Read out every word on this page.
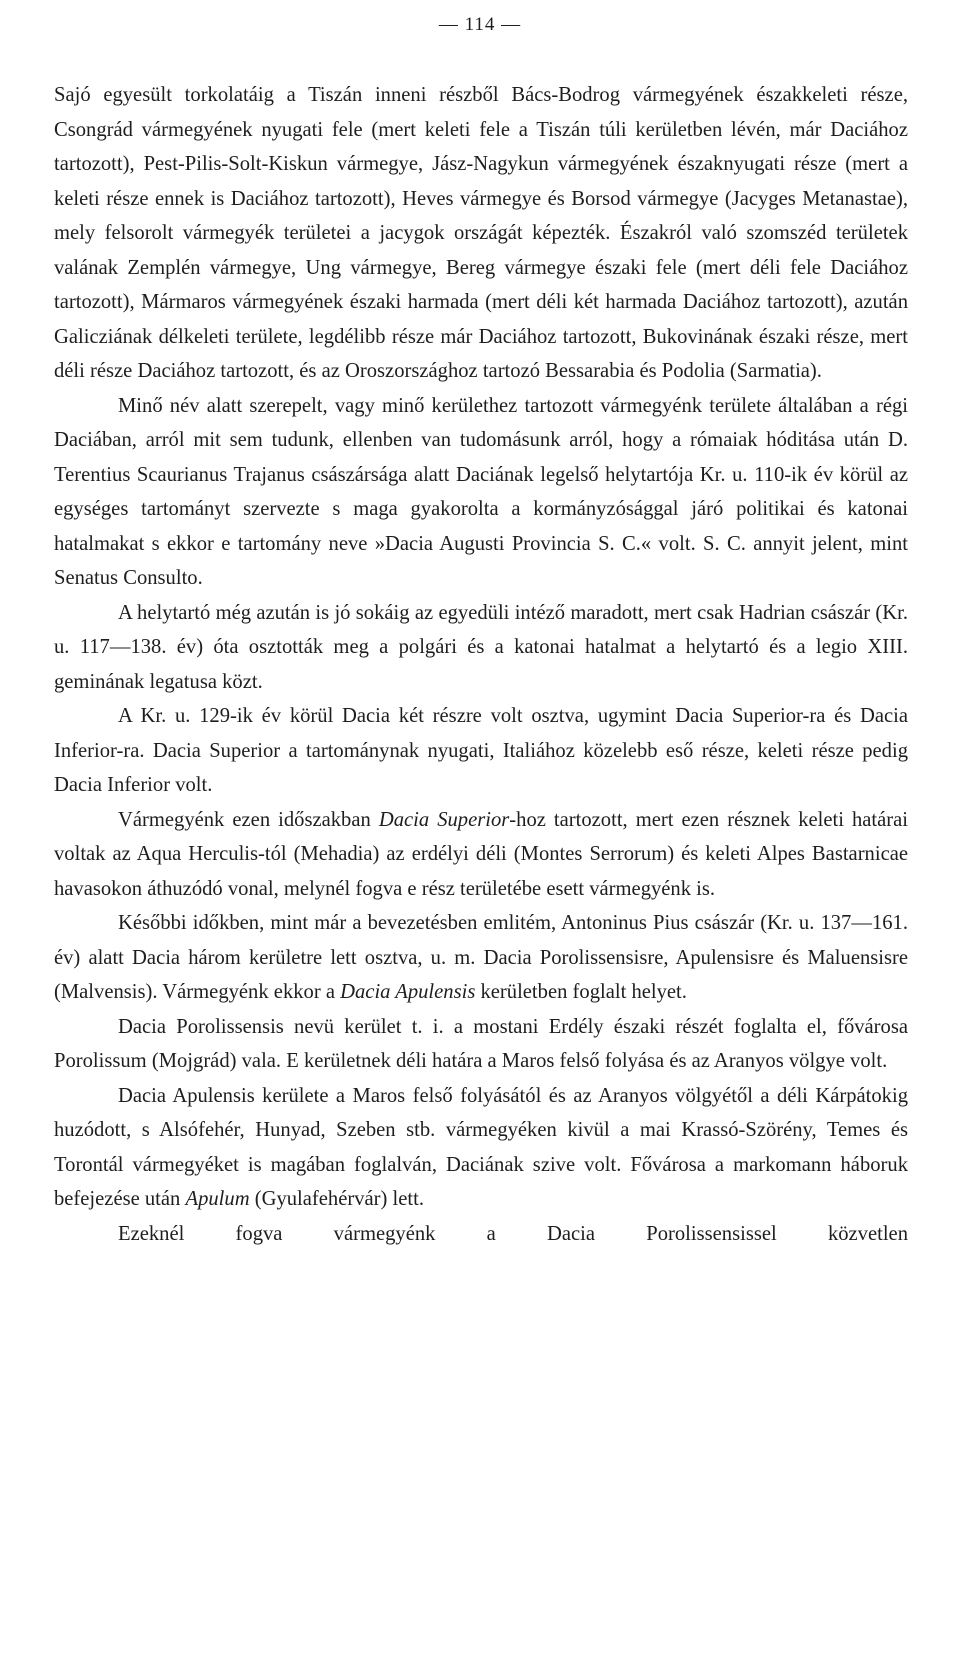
— 114 —

Sajó egyesült torkolatáig a Tiszán inneni részből Bács-Bodrog vármegyének északkeleti része, Csongrád vármegyének nyugati fele (mert keleti fele a Tiszán túli kerületben lévén, már Daciához tartozott), Pest-Pilis-Solt-Kiskun vármegye, Jász-Nagykun vármegyének északnyugati része (mert a keleti része ennek is Daciához tartozott), Heves vármegye és Borsod vármegye (Jacyges Metanastae), mely felsorolt vármegyék területei a jacygok országát képezték. Északról való szomszéd területek valának Zemplén vármegye, Ung vármegye, Bereg vármegye északi fele (mert déli fele Daciához tartozott), Mármaros vármegyének északi harmada (mert déli két harmada Daciához tartozott), azután Galicziának délkeleti területe, legdélibb része már Daciához tartozott, Bukovinának északi része, mert déli része Daciához tartozott, és az Oroszországhoz tartozó Bessarabia és Podolia (Sarmatia).

Minő név alatt szerepelt, vagy minő kerülethez tartozott vármegyénk területe általában a régi Daciában, arról mit sem tudunk, ellenben van tudomásunk arról, hogy a rómaiak hóditása után D. Terentius Scaurianus Trajanus császársága alatt Daciának legelső helytartója Kr. u. 110-ik év körül az egységes tartományt szervezte s maga gyakorolta a kormányzósággal járó politikai és katonai hatalmakat s ekkor e tartomány neve »Dacia Augusti Provincia S. C.« volt. S. C. annyit jelent, mint Senatus Consulto.

A helytartó még azután is jó sokáig az egyedüli intéző maradott, mert csak Hadrian császár (Kr. u. 117—138. év) óta osztották meg a polgári és a katonai hatalmat a helytartó és a legio XIII. geminának legatusa közt.

A Kr. u. 129-ik év körül Dacia két részre volt osztva, ugymint Dacia Superior-ra és Dacia Inferior-ra. Dacia Superior a tartománynak nyugati, Italiához közelebb eső része, keleti része pedig Dacia Inferior volt.

Vármegyénk ezen időszakban Dacia Superior-hoz tartozott, mert ezen résznek keleti határai voltak az Aqua Herculis-tól (Mehadia) az erdélyi déli (Montes Serrorum) és keleti Alpes Bastarnicae havasokon áthuzódó vonal, melynél fogva e rész területébe esett vármegyénk is.

Későbbi időkben, mint már a bevezetésben emlitém, Antoninus Pius császár (Kr. u. 137—161. év) alatt Dacia három kerületre lett osztva, u. m. Dacia Porolissensisre, Apulensisre és Maluensisre (Malvensis). Vármegyénk ekkor a Dacia Apulensis kerületben foglalt helyet.

Dacia Porolissensis nevü kerület t. i. a mostani Erdély északi részét foglalta el, fővárosa Porolissum (Mojgrád) vala. E kerületnek déli határa a Maros felső folyása és az Aranyos völgye volt.

Dacia Apulensis kerülete a Maros felső folyásától és az Aranyos völgyétől a déli Kárpátokig huzódott, s Alsófehér, Hunyad, Szeben stb. vármegyéken kivül a mai Krassó-Szörény, Temes és Torontál vármegyéket is magában foglalván, Daciának szive volt. Fővárosa a markomann háboruk befejezése után Apulum (Gyulafehérvár) lett.

Ezeknél fogva vármegyénk a Dacia Porolissensissel közvetlen
